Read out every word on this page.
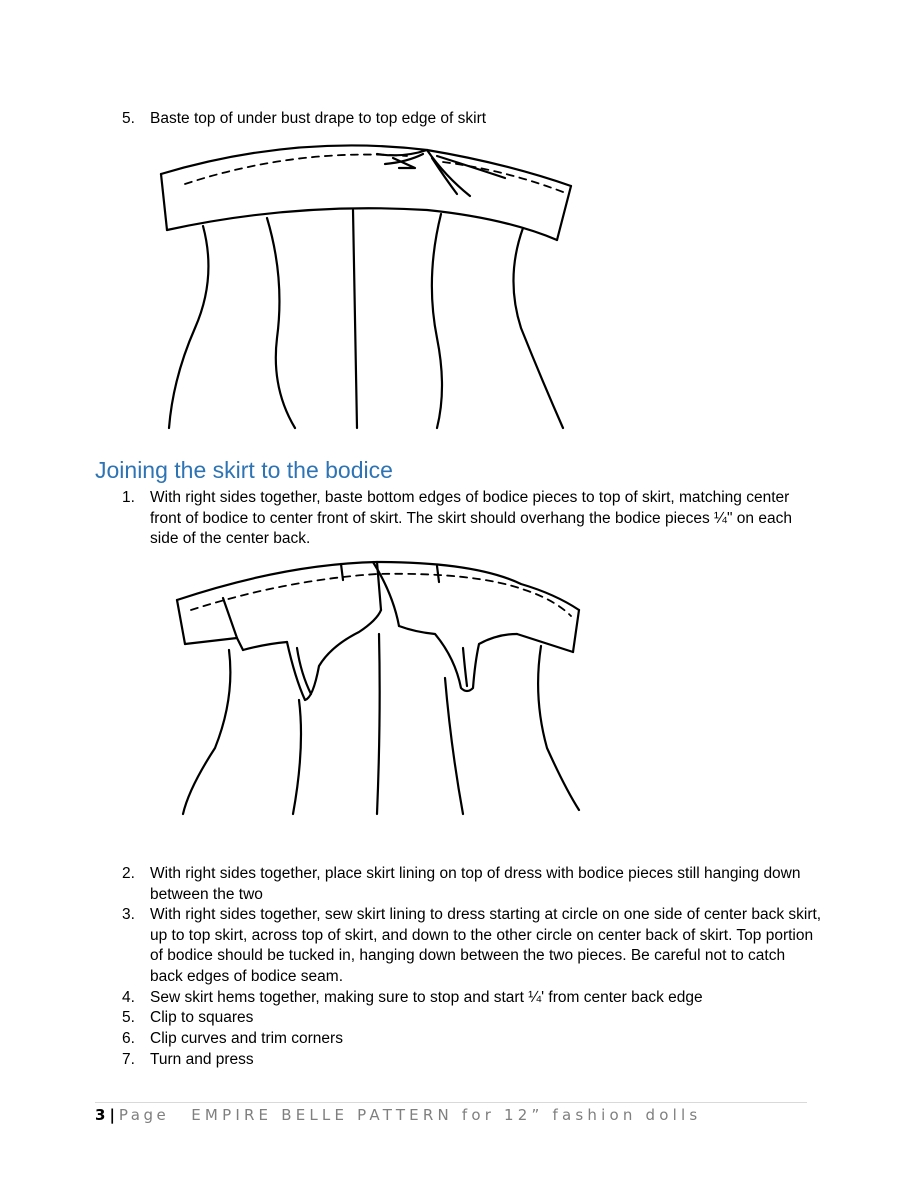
5. Baste top of under bust drape to top edge of skirt
Joining the skirt to the bodice
1. With right sides together, baste bottom edges of bodice pieces to top of skirt, matching center front of bodice to center front of skirt. The skirt should overhang the bodice pieces ¼" on each side of the center back.
2. With right sides together, place skirt lining on top of dress with bodice pieces still hanging down between the two
3. With right sides together, sew skirt lining to dress starting at circle on one side of center back skirt, up to top skirt, across top of skirt, and down to the other circle on center back of skirt. Top portion of bodice should be tucked in, hanging down between the two pieces. Be careful not to catch back edges of bodice seam.
4. Sew skirt hems together, making sure to stop and start ¼' from center back edge
5. Clip to squares
6. Clip curves and trim corners
7. Turn and press
3 | Page EMPIRE BELLE PATTERN for 12” fashion dolls
